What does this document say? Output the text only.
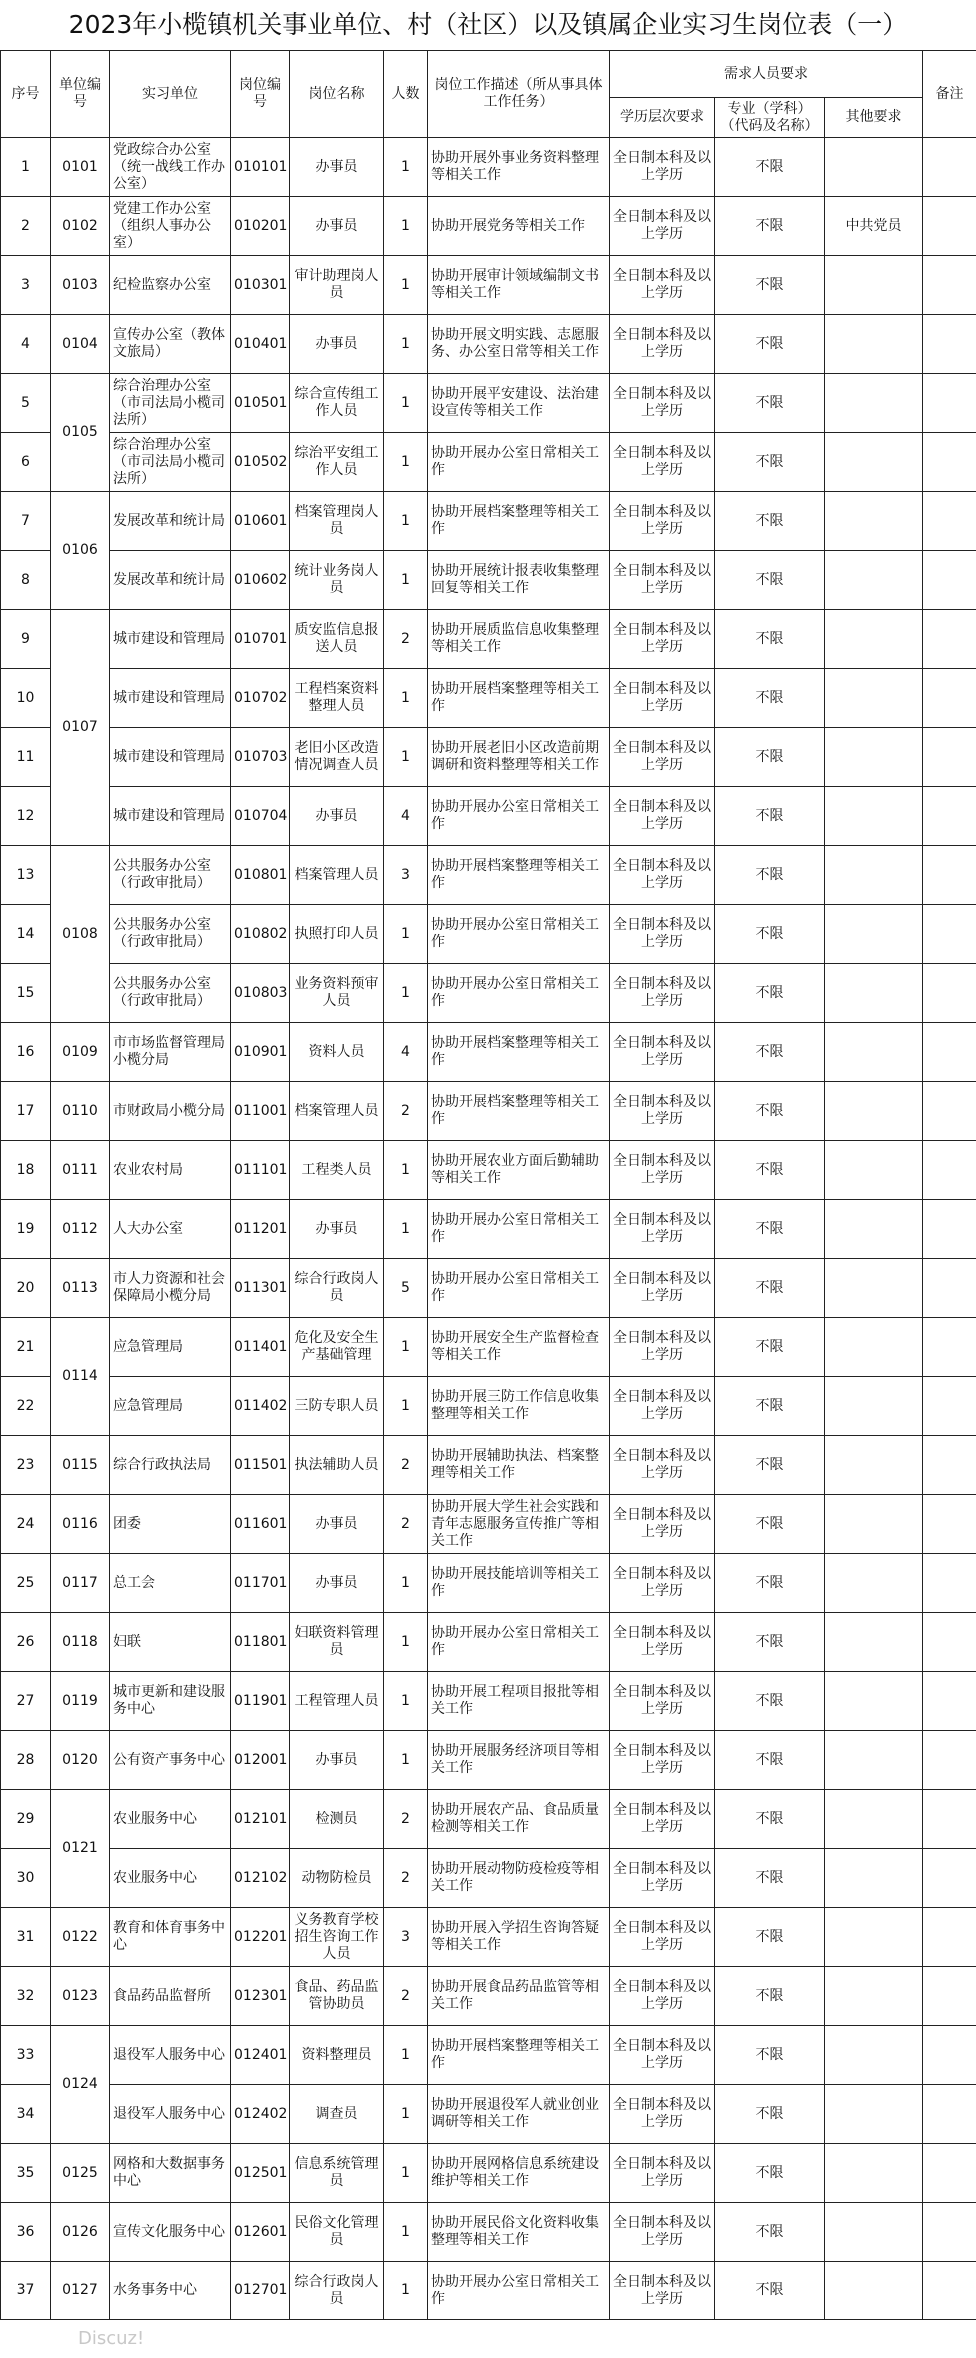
2023年小榄镇机关事业单位、村（社区）以及镇属企业实习生岗位表（一）
序号	单位编号	实习单位	岗位编号	岗位名称	人数	岗位工作描述（所从事具体工作任务）	需求人员要求			备注
							学历层次要求	专业（学科）（代码及名称）	其他要求	
1	0101	党政综合办公室（统一战线工作办公室）	010101	办事员	1	协助开展外事业务资料整理等相关工作	全日制本科及以上学历	不限		
2	0102	党建工作办公室（组织人事办公室）	010201	办事员	1	协助开展党务等相关工作	全日制本科及以上学历	不限	中共党员	
3	0103	纪检监察办公室	010301	审计助理岗人员	1	协助开展审计领域编制文书等相关工作	全日制本科及以上学历	不限		
4	0104	宣传办公室（教体文旅局）	010401	办事员	1	协助开展文明实践、志愿服务、办公室日常等相关工作	全日制本科及以上学历	不限		
5	0105	综合治理办公室（市司法局小榄司法所）	010501	综合宣传组工作人员	1	协助开展平安建设、法治建设宣传等相关工作	全日制本科及以上学历	不限		
6		综合治理办公室（市司法局小榄司法所）	010502	综治平安组工作人员	1	协助开展办公室日常相关工作	全日制本科及以上学历	不限		
7	0106	发展改革和统计局	010601	档案管理岗人员	1	协助开展档案整理等相关工作	全日制本科及以上学历	不限		
8		发展改革和统计局	010602	统计业务岗人员	1	协助开展统计报表收集整理回复等相关工作	全日制本科及以上学历	不限		
9	0107	城市建设和管理局	010701	质安监信息报送人员	2	协助开展质监信息收集整理等相关工作	全日制本科及以上学历	不限		
10		城市建设和管理局	010702	工程档案资料整理人员	1	协助开展档案整理等相关工作	全日制本科及以上学历	不限		
11		城市建设和管理局	010703	老旧小区改造情况调查人员	1	协助开展老旧小区改造前期调研和资料整理等相关工作	全日制本科及以上学历	不限		
12		城市建设和管理局	010704	办事员	4	协助开展办公室日常相关工作	全日制本科及以上学历	不限		
13	0108	公共服务办公室（行政审批局）	010801	档案管理人员	3	协助开展档案整理等相关工作	全日制本科及以上学历	不限		
14		公共服务办公室（行政审批局）	010802	执照打印人员	1	协助开展办公室日常相关工作	全日制本科及以上学历	不限		
15		公共服务办公室（行政审批局）	010803	业务资料预审人员	1	协助开展办公室日常相关工作	全日制本科及以上学历	不限		
16	0109	市市场监督管理局小榄分局	010901	资料人员	4	协助开展档案整理等相关工作	全日制本科及以上学历	不限		
17	0110	市财政局小榄分局	011001	档案管理人员	2	协助开展档案整理等相关工作	全日制本科及以上学历	不限		
18	0111	农业农村局	011101	工程类人员	1	协助开展农业方面后勤辅助等相关工作	全日制本科及以上学历	不限		
19	0112	人大办公室	011201	办事员	1	协助开展办公室日常相关工作	全日制本科及以上学历	不限		
20	0113	市人力资源和社会保障局小榄分局	011301	综合行政岗人员	5	协助开展办公室日常相关工作	全日制本科及以上学历	不限		
21	0114	应急管理局	011401	危化及安全生产基础管理	1	协助开展安全生产监督检查等相关工作	全日制本科及以上学历	不限		
22		应急管理局	011402	三防专职人员	1	协助开展三防工作信息收集整理等相关工作	全日制本科及以上学历	不限		
23	0115	综合行政执法局	011501	执法辅助人员	2	协助开展辅助执法、档案整理等相关工作	全日制本科及以上学历	不限		
24	0116	团委	011601	办事员	2	协助开展大学生社会实践和青年志愿服务宣传推广等相关工作	全日制本科及以上学历	不限		
25	0117	总工会	011701	办事员	1	协助开展技能培训等相关工作	全日制本科及以上学历	不限		
26	0118	妇联	011801	妇联资料管理员	1	协助开展办公室日常相关工作	全日制本科及以上学历	不限		
27	0119	城市更新和建设服务中心	011901	工程管理人员	1	协助开展工程项目报批等相关工作	全日制本科及以上学历	不限		
28	0120	公有资产事务中心	012001	办事员	1	协助开展服务经济项目等相关工作	全日制本科及以上学历	不限		
29	0121	农业服务中心	012101	检测员	2	协助开展农产品、食品质量检测等相关工作	全日制本科及以上学历	不限		
30		农业服务中心	012102	动物防检员	2	协助开展动物防疫检疫等相关工作	全日制本科及以上学历	不限		
31	0122	教育和体育事务中心	012201	义务教育学校招生咨询工作人员	3	协助开展入学招生咨询答疑等相关工作	全日制本科及以上学历	不限		
32	0123	食品药品监督所	012301	食品、药品监管协助员	2	协助开展食品药品监管等相关工作	全日制本科及以上学历	不限		
33	0124	退役军人服务中心	012401	资料整理员	1	协助开展档案整理等相关工作	全日制本科及以上学历	不限		
34		退役军人服务中心	012402	调查员	1	协助开展退役军人就业创业调研等相关工作	全日制本科及以上学历	不限		
35	0125	网格和大数据事务中心	012501	信息系统管理员	1	协助开展网格信息系统建设维护等相关工作	全日制本科及以上学历	不限		
36	0126	宣传文化服务中心	012601	民俗文化管理员	1	协助开展民俗文化资料收集整理等相关工作	全日制本科及以上学历	不限		
37	0127	水务事务中心	012701	综合行政岗人员	1	协助开展办公室日常相关工作	全日制本科及以上学历	不限		
Discuz!
